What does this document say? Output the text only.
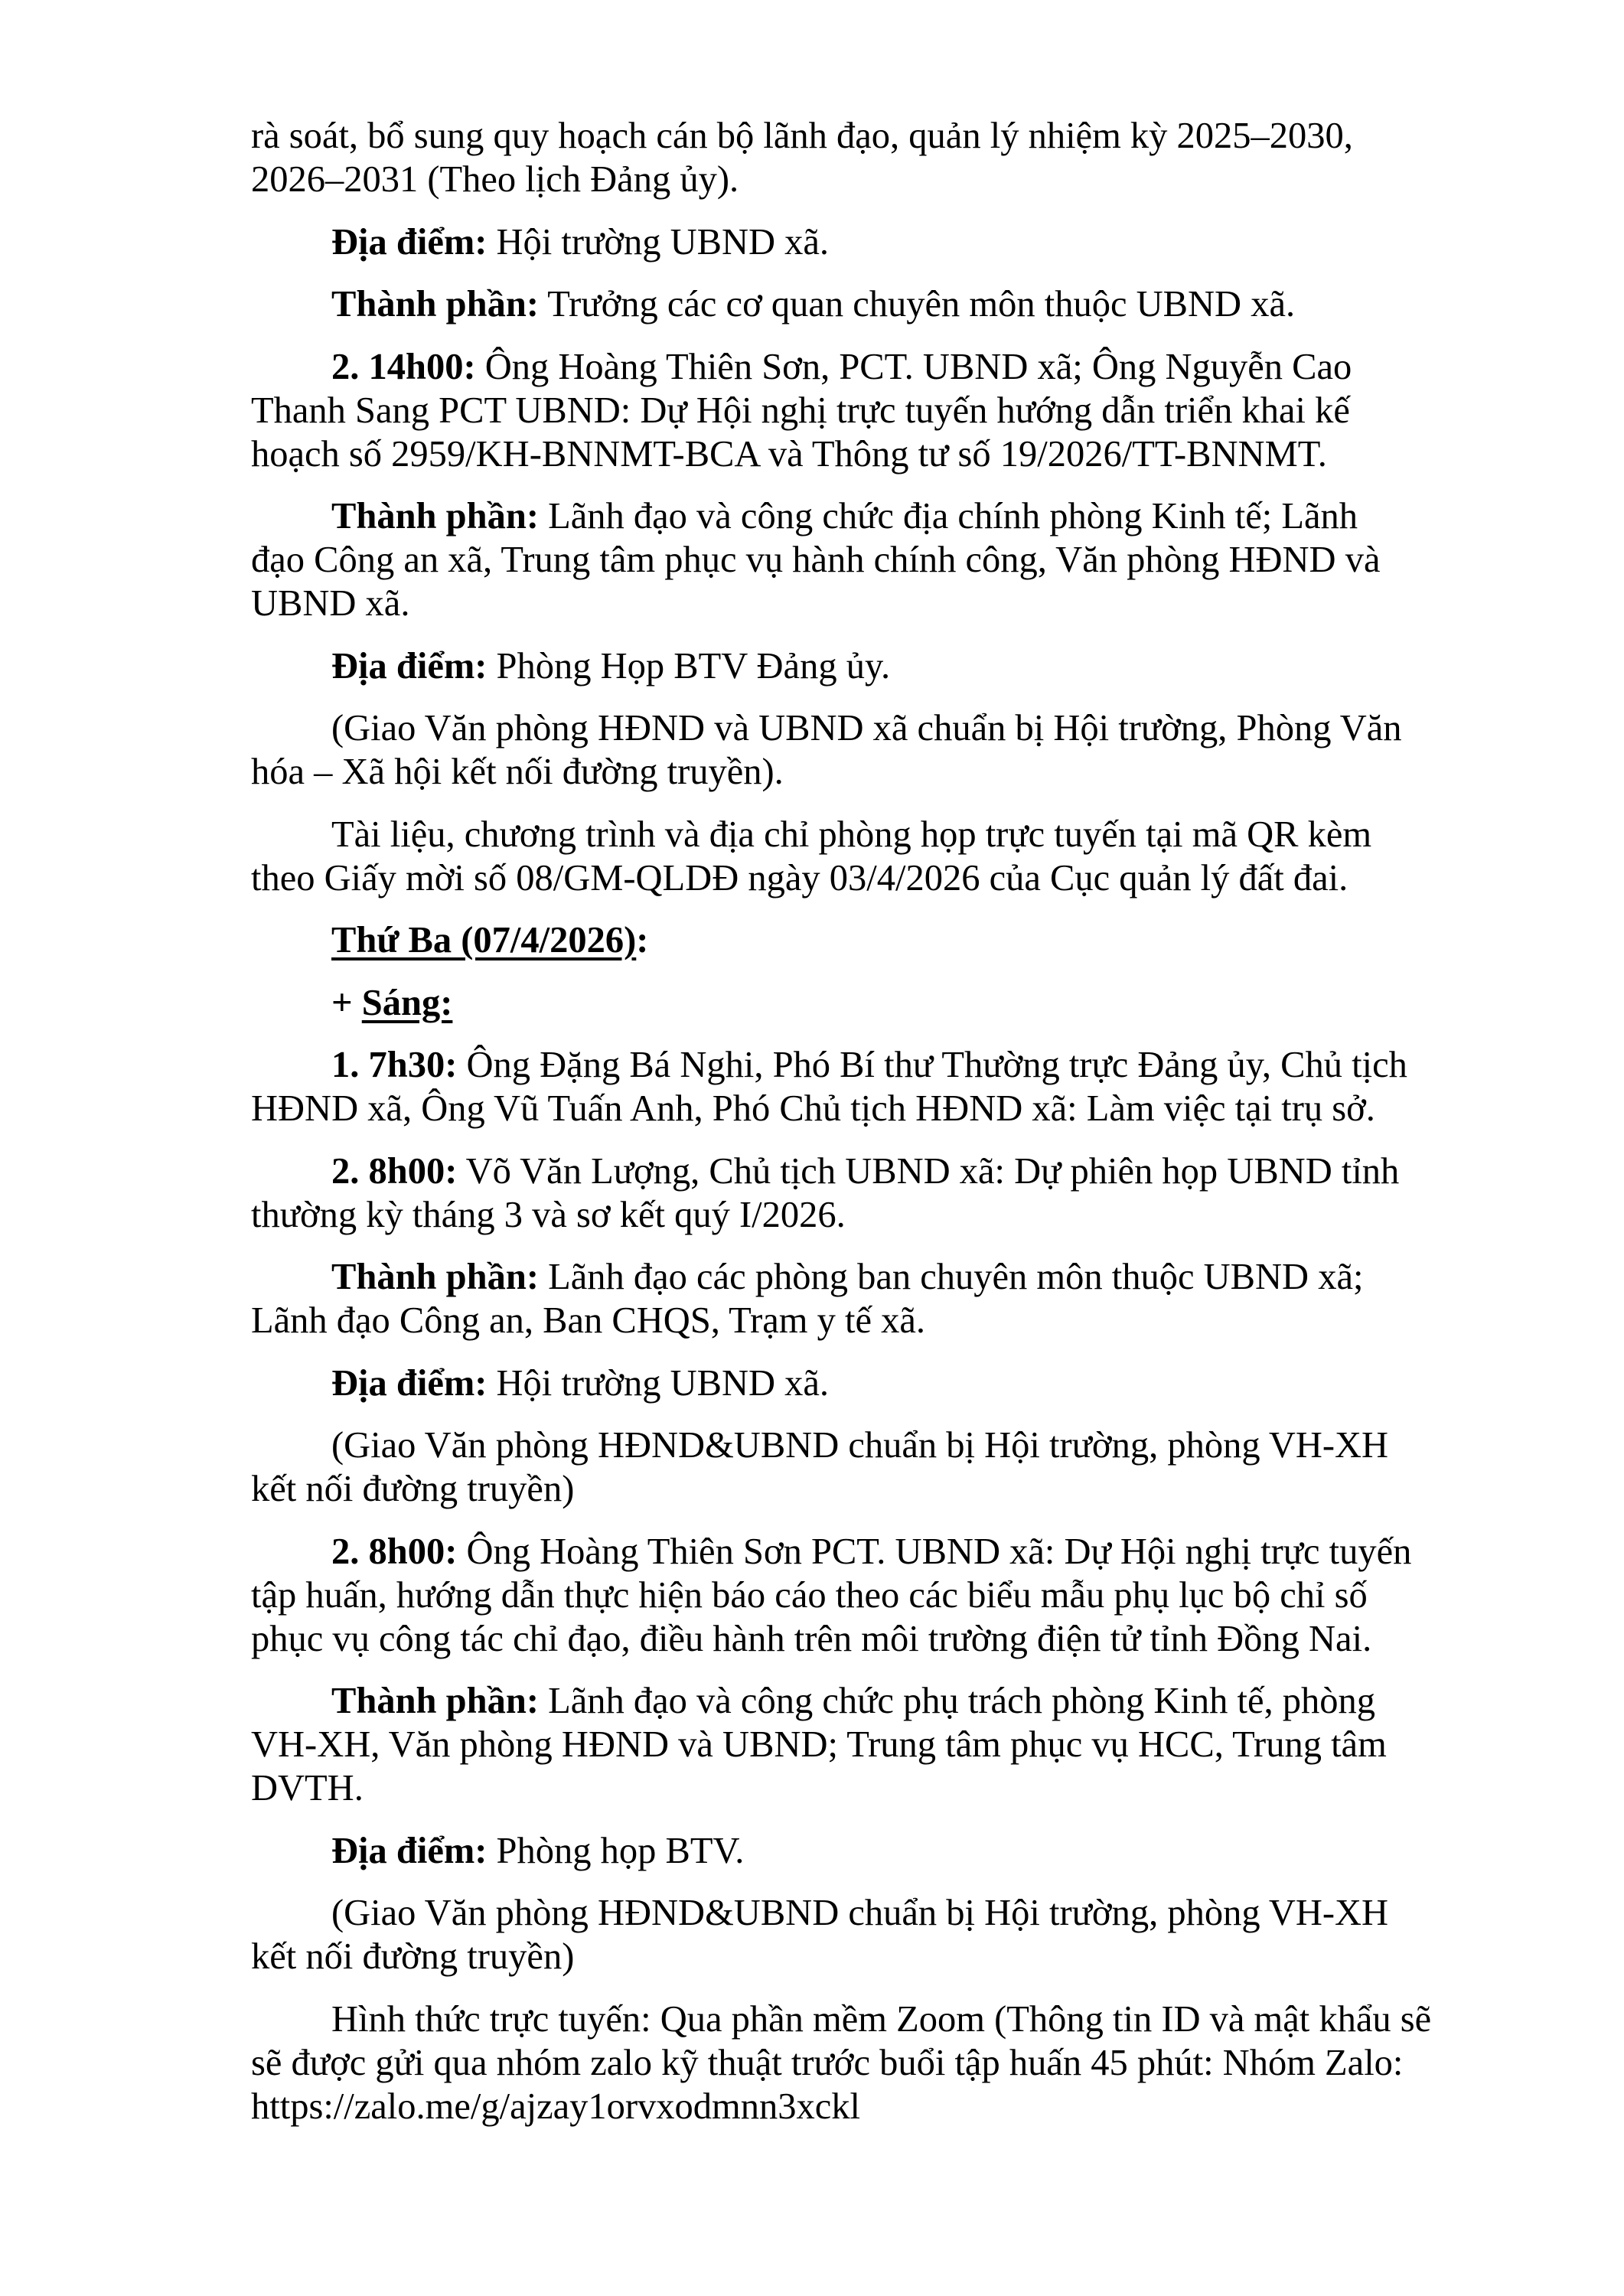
rà soát, bổ sung quy hoạch cán bộ lãnh đạo, quản lý nhiệm kỳ 2025–2030,
2026–2031 (Theo lịch Đảng ủy).
Địa điểm: Hội trường UBND xã.
Thành phần: Trưởng các cơ quan chuyên môn thuộc UBND xã.
2. 14h00: Ông Hoàng Thiên Sơn, PCT. UBND xã; Ông Nguyễn Cao
Thanh Sang PCT UBND: Dự Hội nghị trực tuyến hướng dẫn triển khai kế
hoạch số 2959/KH-BNNMT-BCA và Thông tư số 19/2026/TT-BNNMT.
Thành phần: Lãnh đạo và công chức địa chính phòng Kinh tế; Lãnh
đạo Công an xã, Trung tâm phục vụ hành chính công, Văn phòng HĐND và
UBND xã.
Địa điểm: Phòng Họp BTV Đảng ủy.
(Giao Văn phòng HĐND và UBND xã chuẩn bị Hội trường, Phòng Văn
hóa – Xã hội kết nối đường truyền).
Tài liệu, chương trình và địa chỉ phòng họp trực tuyến tại mã QR kèm
theo Giấy mời số 08/GM-QLDĐ ngày 03/4/2026 của Cục quản lý đất đai.
Thứ Ba (07/4/2026):
+ Sáng:
1. 7h30: Ông Đặng Bá Nghi, Phó Bí thư Thường trực Đảng ủy, Chủ tịch
HĐND xã, Ông Vũ Tuấn Anh, Phó Chủ tịch HĐND xã: Làm việc tại trụ sở.
2. 8h00: Võ Văn Lượng, Chủ tịch UBND xã: Dự phiên họp UBND tỉnh
thường kỳ tháng 3 và sơ kết quý I/2026.
Thành phần: Lãnh đạo các phòng ban chuyên môn thuộc UBND xã;
Lãnh đạo Công an, Ban CHQS, Trạm y tế xã.
Địa điểm: Hội trường UBND xã.
(Giao Văn phòng HĐND&UBND chuẩn bị Hội trường, phòng VH-XH
kết nối đường truyền)
2. 8h00: Ông Hoàng Thiên Sơn PCT. UBND xã: Dự Hội nghị trực tuyến
tập huấn, hướng dẫn thực hiện báo cáo theo các biểu mẫu phụ lục bộ chỉ số
phục vụ công tác chỉ đạo, điều hành trên môi trường điện tử tỉnh Đồng Nai.
Thành phần: Lãnh đạo và công chức phụ trách phòng Kinh tế, phòng
VH-XH, Văn phòng HĐND và UBND; Trung tâm phục vụ HCC, Trung tâm
DVTH.
Địa điểm: Phòng họp BTV.
(Giao Văn phòng HĐND&UBND chuẩn bị Hội trường, phòng VH-XH
kết nối đường truyền)
Hình thức trực tuyến: Qua phần mềm Zoom (Thông tin ID và mật khẩu sẽ
sẽ được gửi qua nhóm zalo kỹ thuật trước buổi tập huấn 45 phút: Nhóm Zalo:
https://zalo.me/g/ajzay1orvxodmnn3xckl
